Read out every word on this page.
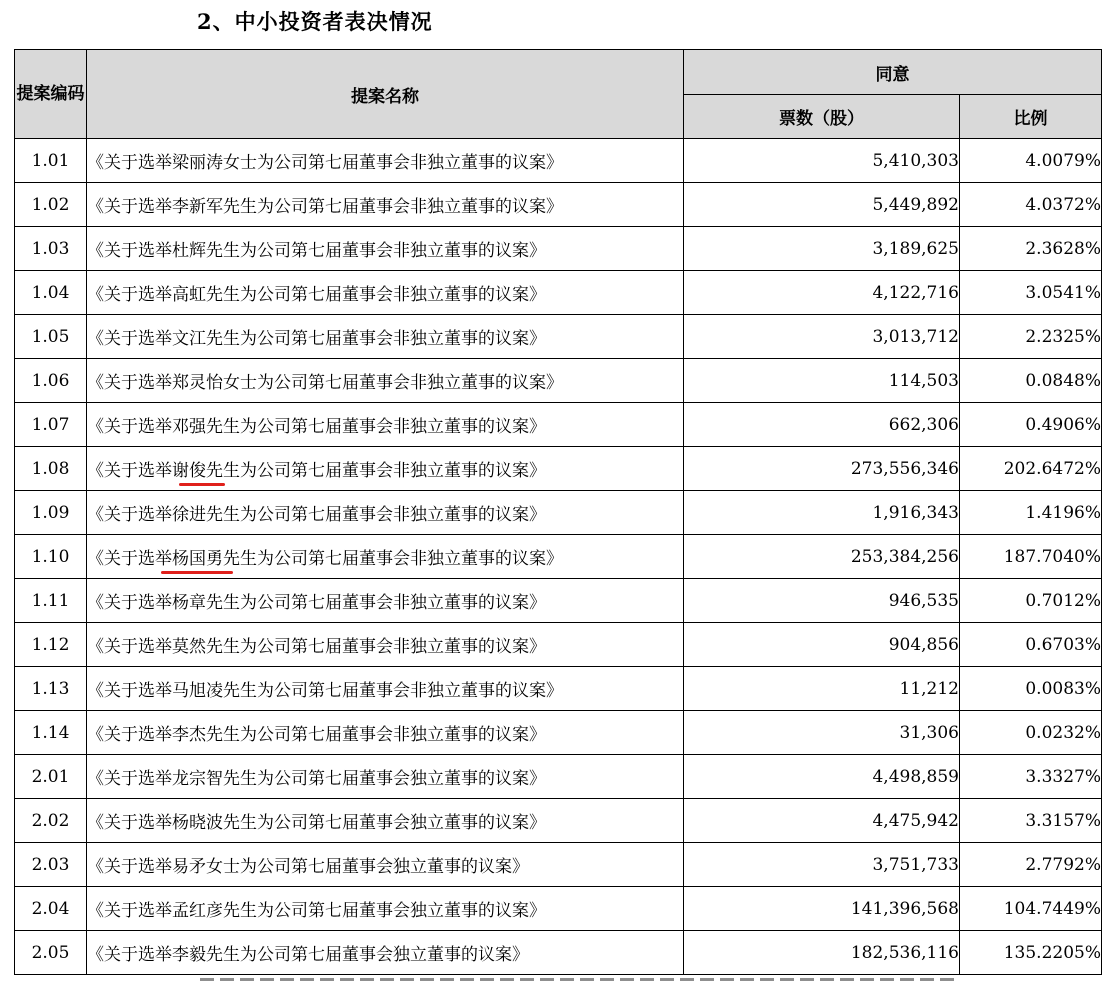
2、中小投资者表决情况
提案编码	提案名称	同意	
		票数（股）	比例
1.01	《关于选举梁丽涛女士为公司第七届董事会非独立董事的议案》	5,410,303	4.0079%
1.02	《关于选举李新军先生为公司第七届董事会非独立董事的议案》	5,449,892	4.0372%
1.03	《关于选举杜辉先生为公司第七届董事会非独立董事的议案》	3,189,625	2.3628%
1.04	《关于选举高虹先生为公司第七届董事会非独立董事的议案》	4,122,716	3.0541%
1.05	《关于选举文江先生为公司第七届董事会非独立董事的议案》	3,013,712	2.2325%
1.06	《关于选举郑灵怡女士为公司第七届董事会非独立董事的议案》	114,503	0.0848%
1.07	《关于选举邓强先生为公司第七届董事会非独立董事的议案》	662,306	0.4906%
1.08	《关于选举谢俊先生为公司第七届董事会非独立董事的议案》	273,556,346	202.6472%
1.09	《关于选举徐进先生为公司第七届董事会非独立董事的议案》	1,916,343	1.4196%
1.10	《关于选举杨国勇先生为公司第七届董事会非独立董事的议案》	253,384,256	187.7040%
1.11	《关于选举杨章先生为公司第七届董事会非独立董事的议案》	946,535	0.7012%
1.12	《关于选举莫然先生为公司第七届董事会非独立董事的议案》	904,856	0.6703%
1.13	《关于选举马旭凌先生为公司第七届董事会非独立董事的议案》	11,212	0.0083%
1.14	《关于选举李杰先生为公司第七届董事会非独立董事的议案》	31,306	0.0232%
2.01	《关于选举龙宗智先生为公司第七届董事会独立董事的议案》	4,498,859	3.3327%
2.02	《关于选举杨晓波先生为公司第七届董事会独立董事的议案》	4,475,942	3.3157%
2.03	《关于选举易矛女士为公司第七届董事会独立董事的议案》	3,751,733	2.7792%
2.04	《关于选举孟红彦先生为公司第七届董事会独立董事的议案》	141,396,568	104.7449%
2.05	《关于选举李毅先生为公司第七届董事会独立董事的议案》	182,536,116	135.2205%
